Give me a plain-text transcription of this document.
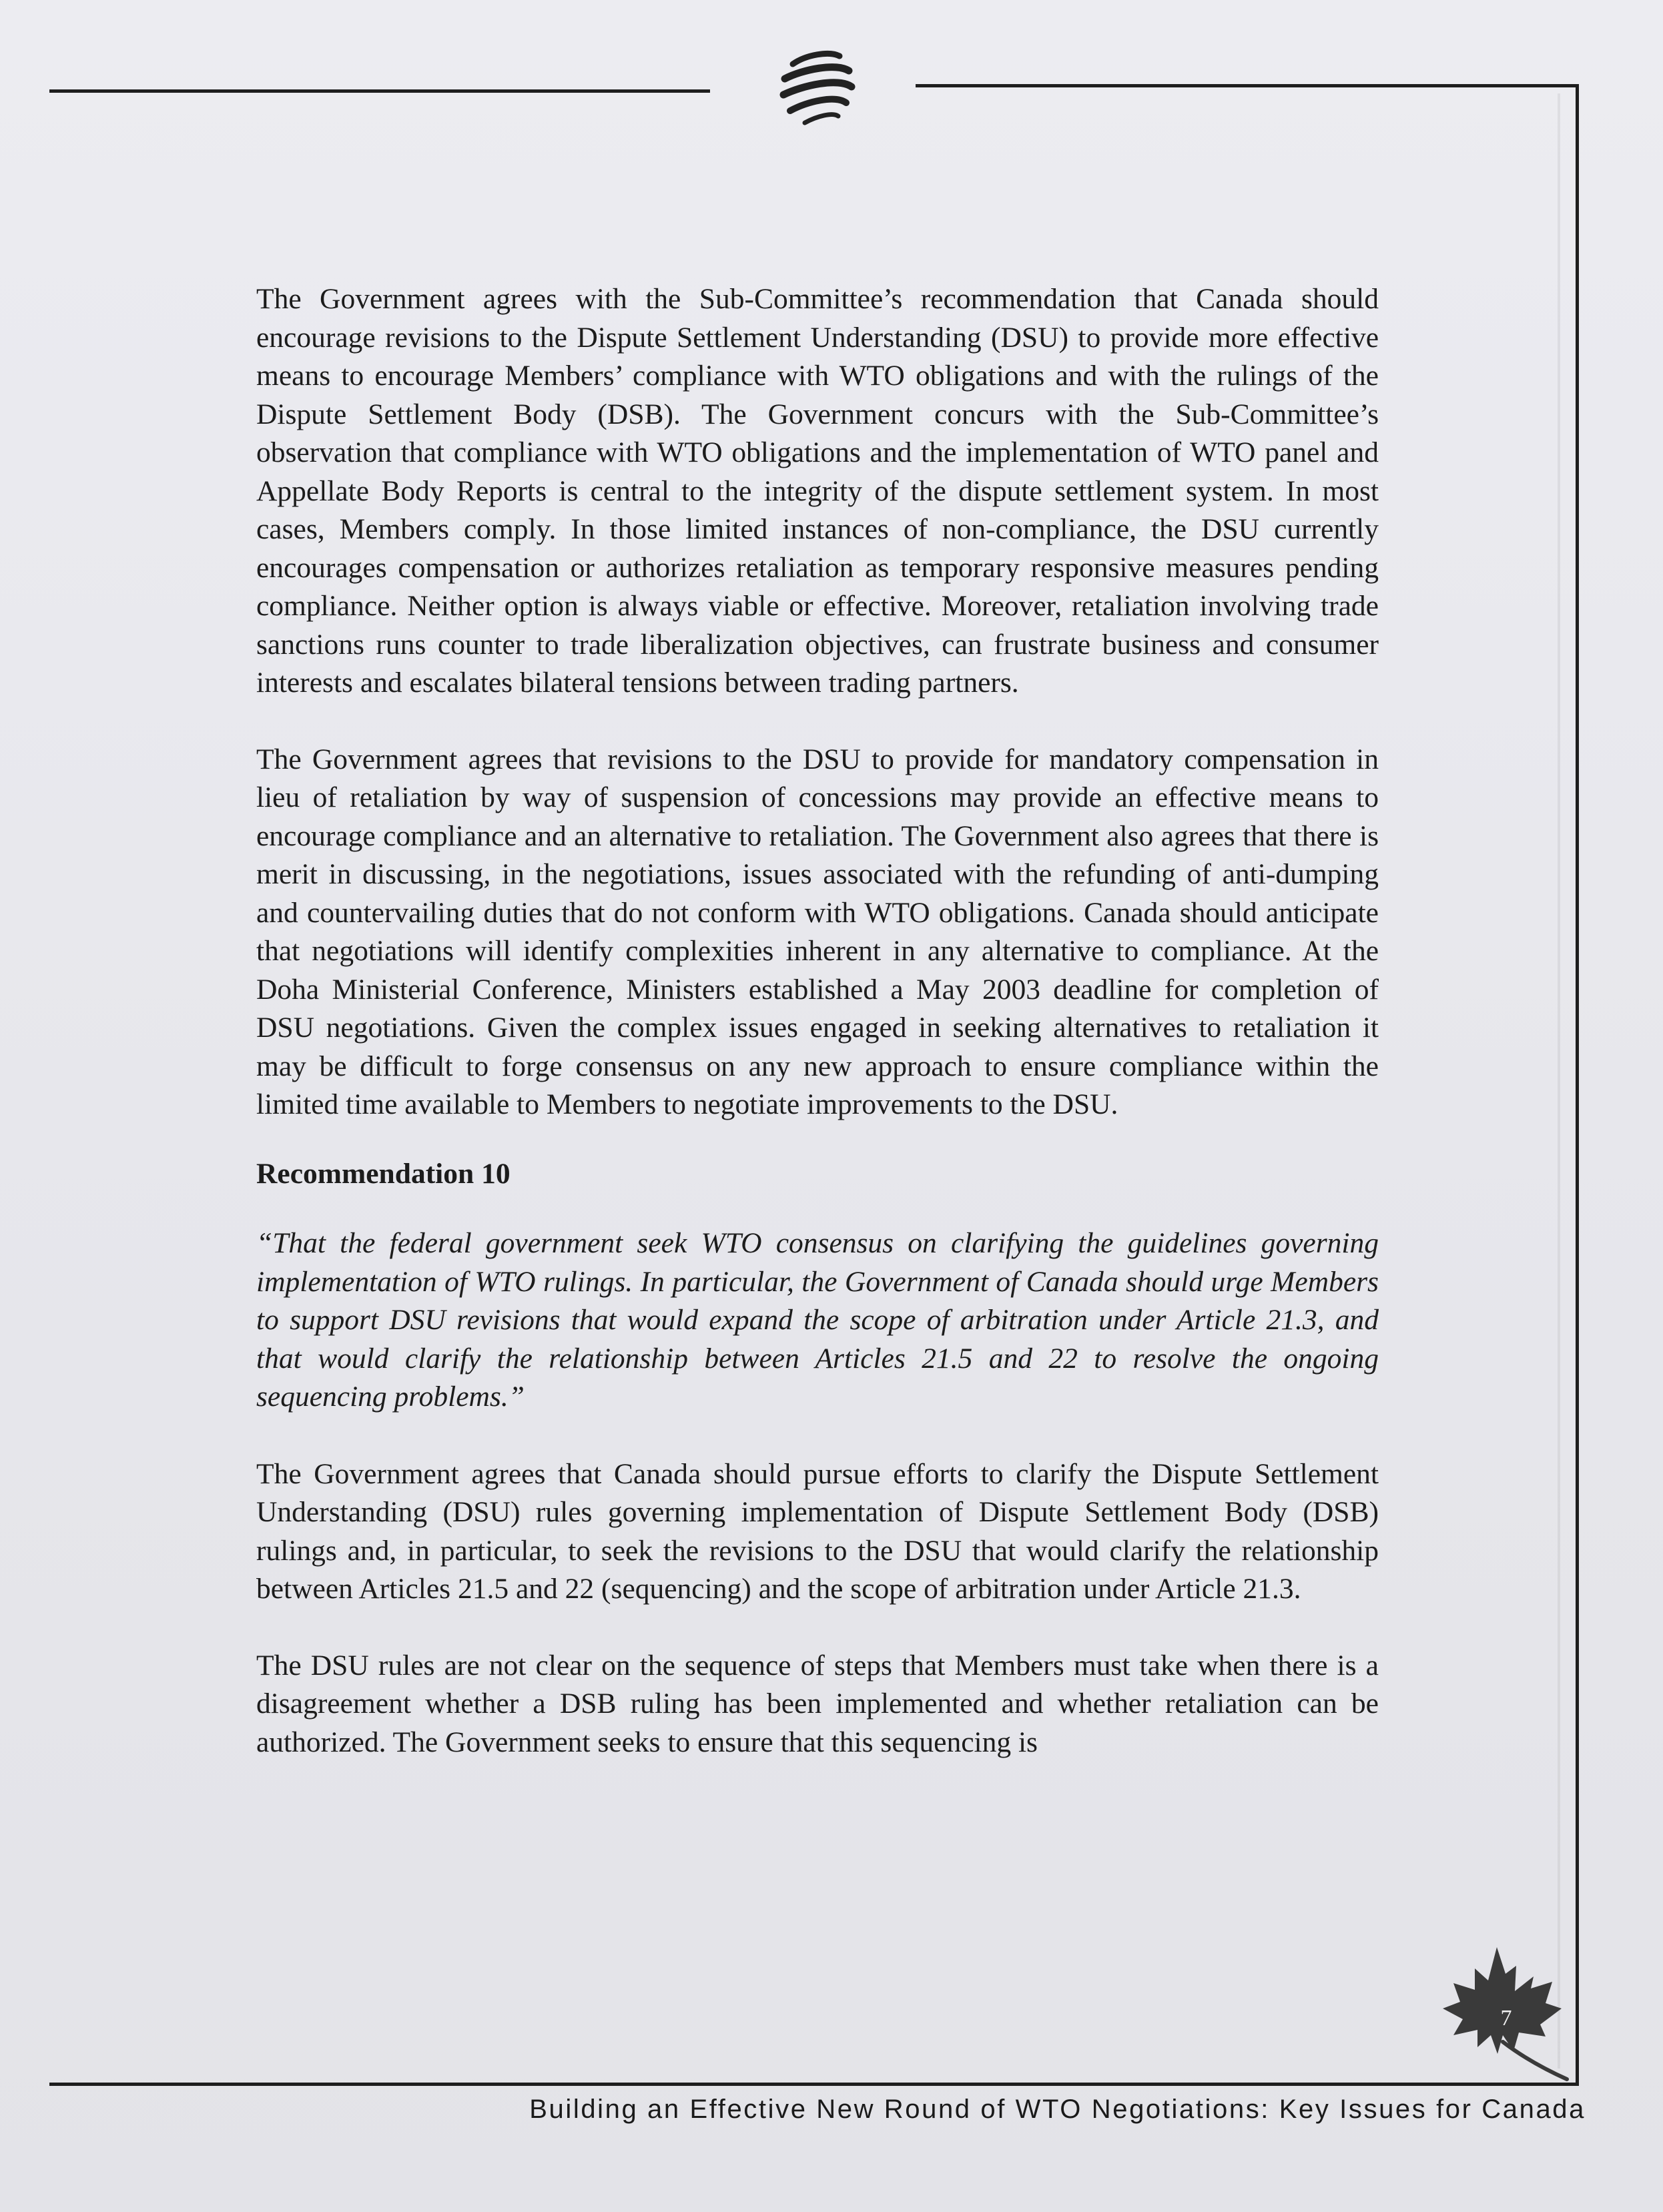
The Government agrees with the Sub-Committee’s recommendation that Canada should encourage revisions to the Dispute Settlement Understanding (DSU) to provide more effective means to encourage Members’ compliance with WTO obligations and with the rulings of the Dispute Settlement Body (DSB). The Government concurs with the Sub-Committee’s observation that compliance with WTO obligations and the implementation of WTO panel and Appellate Body Reports is central to the integrity of the dispute settlement system. In most cases, Members comply. In those limited instances of non-compliance, the DSU currently encourages compensation or authorizes retaliation as temporary responsive measures pending compliance. Neither option is always viable or effective. Moreover, retaliation involving trade sanctions runs counter to trade liberalization objectives, can frustrate business and consumer interests and escalates bilateral tensions between trading partners.

The Government agrees that revisions to the DSU to provide for mandatory compensation in lieu of retaliation by way of suspension of concessions may provide an effective means to encourage compliance and an alternative to retaliation. The Government also agrees that there is merit in discussing, in the negotiations, issues associated with the refunding of anti-dumping and countervailing duties that do not conform with WTO obligations. Canada should anticipate that negotiations will identify complexities inherent in any alternative to compliance. At the Doha Ministerial Conference, Ministers established a May 2003 deadline for completion of DSU negotiations. Given the complex issues engaged in seeking alternatives to retaliation it may be difficult to forge consensus on any new approach to ensure compliance within the limited time available to Members to negotiate improvements to the DSU.

Recommendation 10

“That the federal government seek WTO consensus on clarifying the guidelines governing implementation of WTO rulings. In particular, the Government of Canada should urge Members to support DSU revisions that would expand the scope of arbitration under Article 21.3, and that would clarify the relationship between Articles 21.5 and 22 to resolve the ongoing sequencing problems.”

The Government agrees that Canada should pursue efforts to clarify the Dispute Settlement Understanding (DSU) rules governing implementation of Dispute Settlement Body (DSB) rulings and, in particular, to seek the revisions to the DSU that would clarify the relationship between Articles 21.5 and 22 (sequencing) and the scope of arbitration under Article 21.3.

The DSU rules are not clear on the sequence of steps that Members must take when there is a disagreement whether a DSB ruling has been implemented and whether retaliation can be authorized. The Government seeks to ensure that this sequencing is

7
Building an Effective New Round of WTO Negotiations: Key Issues for Canada
